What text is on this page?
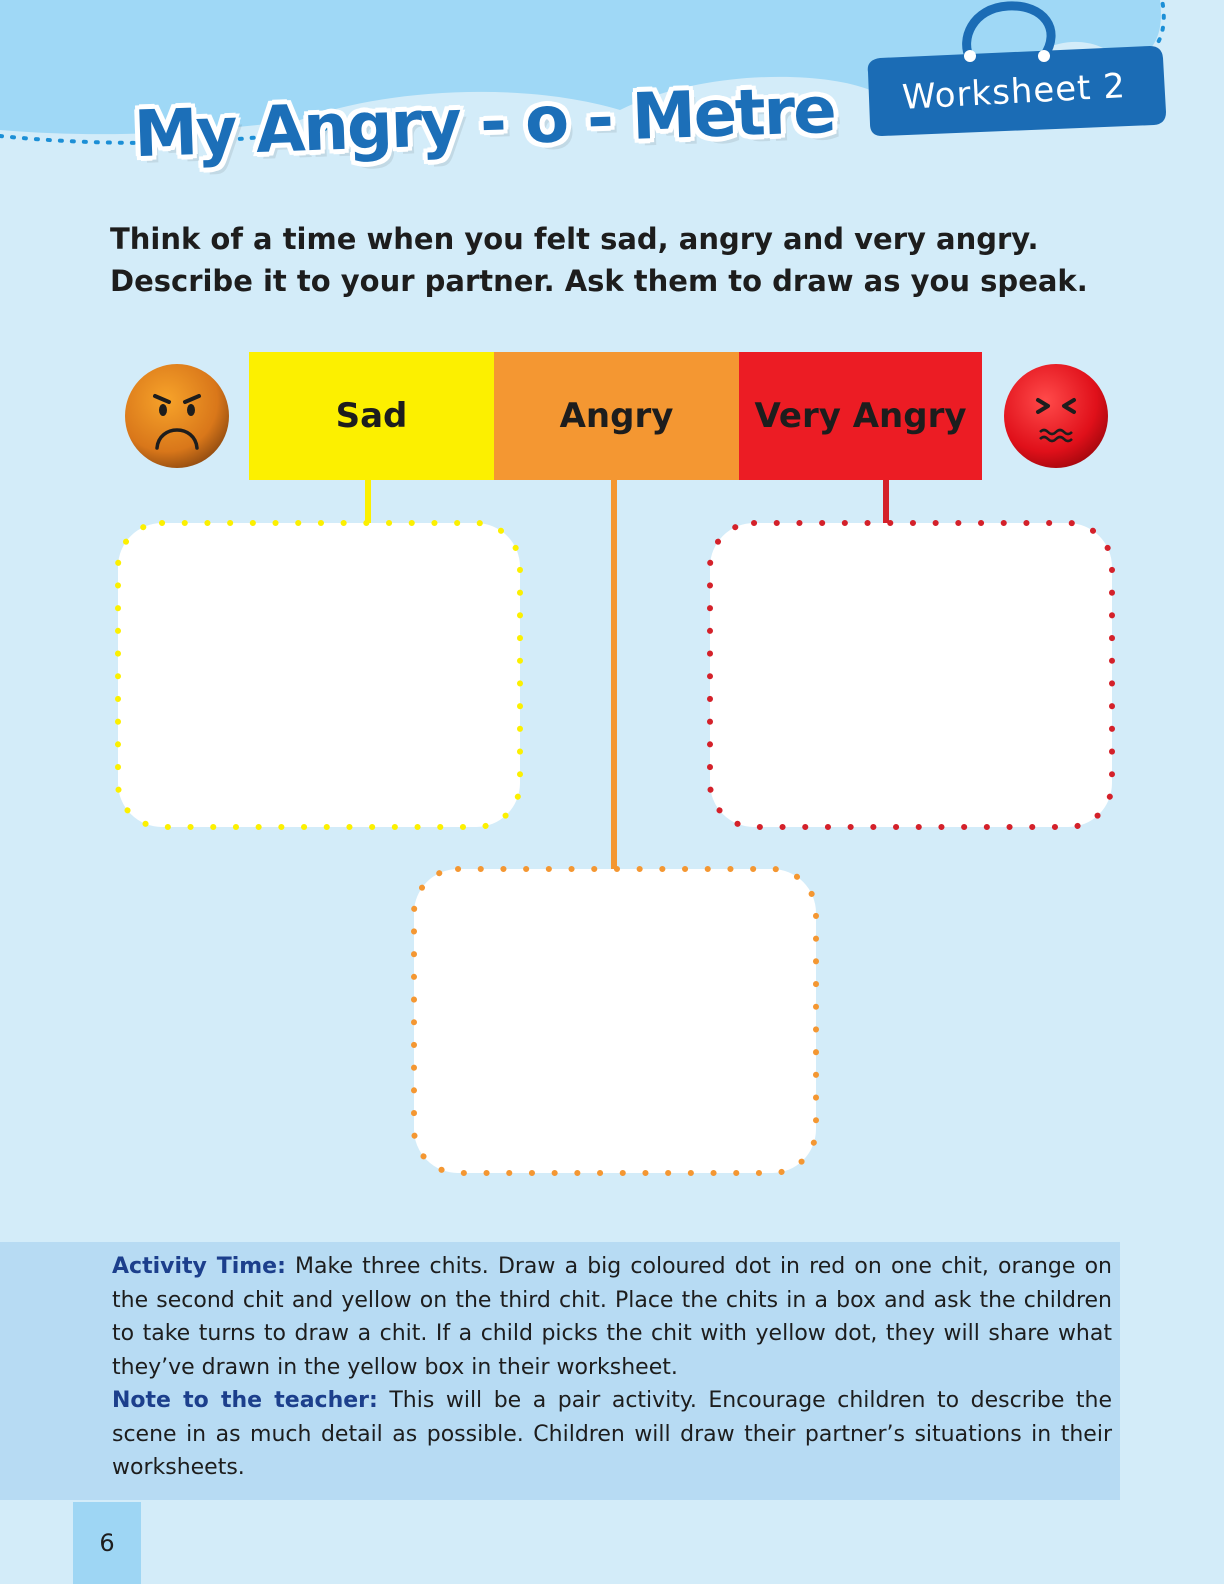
My Angry - o - Metre Worksheet 2
Think of a time when you felt sad, angry and very angry.
Describe it to your partner. Ask them to draw as you speak.
Sad	Angry	Very Angry
Activity Time: Make three chits. Draw a big coloured dot in red on one chit, orange on the second chit and yellow on the third chit. Place the chits in a box and ask the children to take turns to draw a chit. If a child picks the chit with yellow dot, they will share what they’ve drawn in the yellow box in their worksheet.
Note to the teacher: This will be a pair activity. Encourage children to describe the scene in as much detail as possible. Children will draw their partner’s situations in their worksheets.
6
